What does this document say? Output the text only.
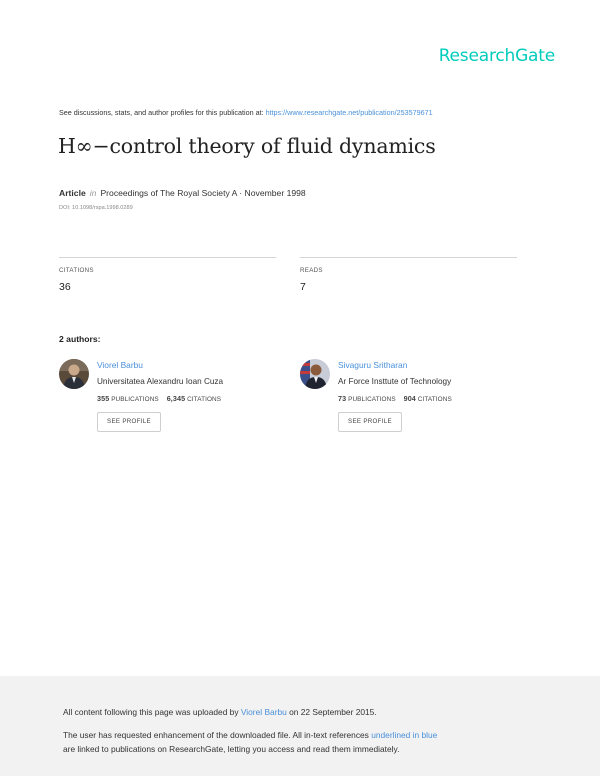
ResearchGate
See discussions, stats, and author profiles for this publication at: https://www.researchgate.net/publication/253579671
H∞−control theory of fluid dynamics
Article in Proceedings of The Royal Society A · November 1998
DOI: 10.1098/rspa.1998.0289
CITATIONS
36
READS
7
2 authors:
Viorel Barbu
Universitatea Alexandru Ioan Cuza
355 PUBLICATIONS 6,345 CITATIONS
SEE PROFILE
Sivaguru Sritharan
Ar Force Insttute of Technology
73 PUBLICATIONS 904 CITATIONS
SEE PROFILE
All content following this page was uploaded by Viorel Barbu on 22 September 2015.
The user has requested enhancement of the downloaded file. All in-text references underlined in blue
are linked to publications on ResearchGate, letting you access and read them immediately.
